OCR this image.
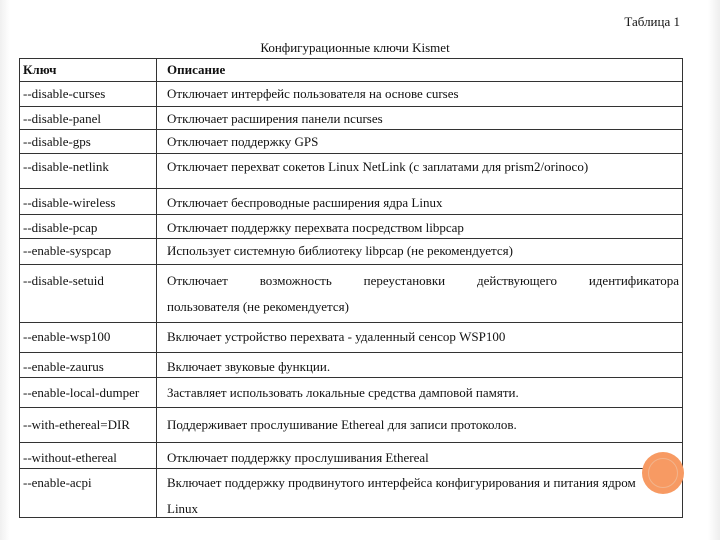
Таблица 1
Конфигурационные ключи Kismet
Ключ	Описание
--disable-curses	Отключает интерфейс пользователя на основе curses
--disable-panel	Отключает расширения панели ncurses
--disable-gps	Отключает поддержку GPS
--disable-netlink	Отключает перехват сокетов Linux NetLink (с заплатами для prism2/orinoco)
--disable-wireless	Отключает беспроводные расширения ядра Linux
--disable-pcap	Отключает поддержку перехвата посредством libpcap
--enable-syspcap	Использует системную библиотеку libpcap (не рекомендуется)
--disable-setuid	Отключает возможность переустановки действующего идентификатора
пользователя (не рекомендуется)

--enable-wsp100	Включает устройство перехвата - удаленный сенсор WSP100
--enable-zaurus	Включает звуковые функции.
--enable-local-dumper	Заставляет использовать локальные средства дамповой памяти.
--with-ethereal=DIR	Поддерживает прослушивание Ethereal для записи протоколов.
--without-ethereal	Отключает поддержку прослушивания Ethereal
--enable-acpi	Включает поддержку продвинутого интерфейса конфигурирования и питания ядром
Linux
